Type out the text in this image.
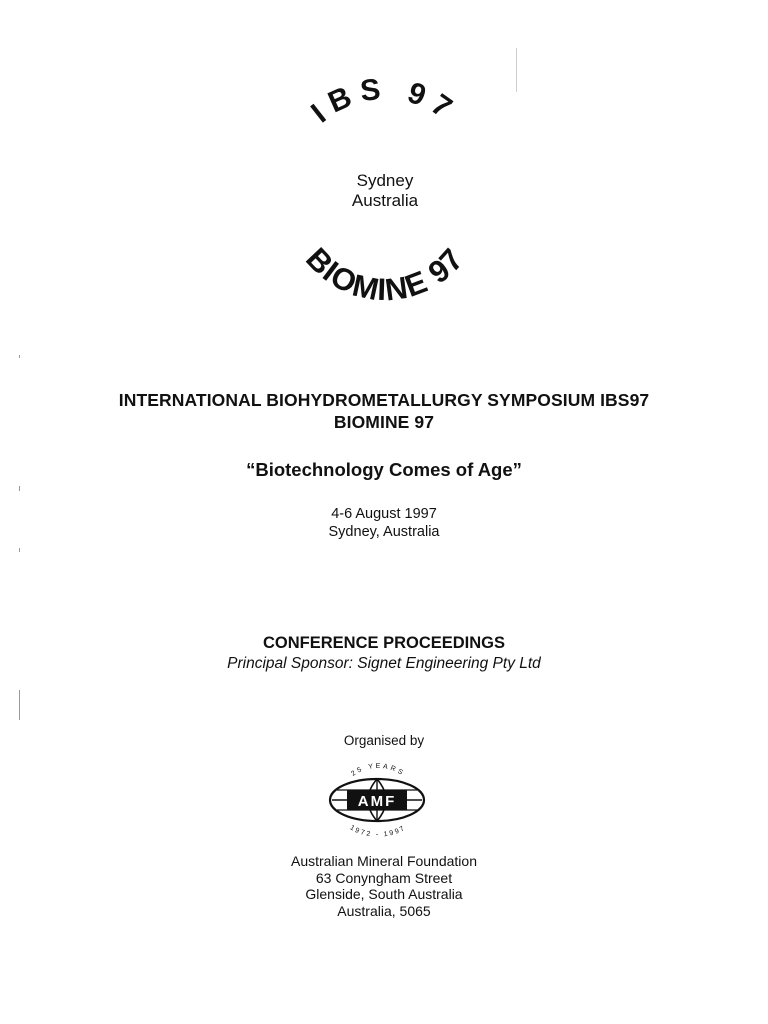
IBS 97
BIOMINE 97
Sydney
Australia
INTERNATIONAL BIOHYDROMETALLURGY SYMPOSIUM IBS97
BIOMINE 97
“Biotechnology Comes of Age”
4-6 August 1997
Sydney, Australia
CONFERENCE PROCEEDINGS
Principal Sponsor: Signet Engineering Pty Ltd
Organised by
25 YEARS
AMF
1972 - 1997
Australian Mineral Foundation
63 Conyngham Street
Glenside, South Australia
Australia, 5065
